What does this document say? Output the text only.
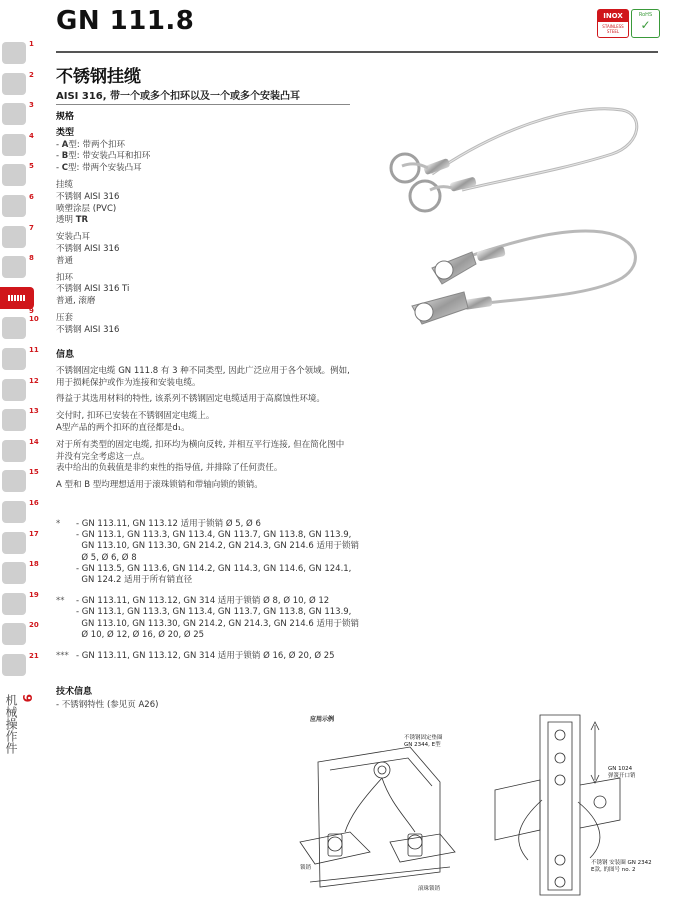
1
2
3
4
5
6
7
8
9
10
11
12
13
14
15
16
17
18
19
20
21
9
机械操作件
GN 111.8	INOX
STAINLESS STEEL
RoHS
✓
不锈钢挂缆
AISI 316, 带一个或多个扣环以及一个或多个安装凸耳
规格
类型
- A型: 带两个扣环
- B型: 带安装凸耳和扣环
- C型: 带两个安装凸耳
挂缆
不锈钢 AISI 316
喷塑涂层 (PVC)
透明 TR
安装凸耳
不锈钢 AISI 316
普通
扣环
不锈钢 AISI 316 Ti
普通, 滚磨
压套
不锈钢 AISI 316
信息
不锈钢固定电缆 GN 111.8 有 3 种不同类型, 因此广泛应用于各个领域。例如, 用于损耗保护或作为连接和安装电缆。
得益于其选用材料的特性, 该系列不锈钢固定电缆适用于高腐蚀性环境。
交付时, 扣环已安装在不锈钢固定电缆上。
A型产品的两个扣环的直径都是d₁。
对于所有类型的固定电缆, 扣环均为横向反转, 并相互平行连接, 但在简化图中并没有完全考虑这一点。
表中给出的负载值是非约束性的指导值, 并排除了任何责任。
A 型和 B 型均理想适用于滚珠锁销和带轴向锁的锁销。
*	- GN 113.11, GN 113.12 适用于锁销 Ø 5, Ø 6
- GN 113.1, GN 113.3, GN 113.4, GN 113.7, GN 113.8, GN 113.9,
GN 113.10, GN 113.30, GN 214.2, GN 214.3, GN 214.6 适用于锁销
Ø 5, Ø 6, Ø 8
- GN 113.5, GN 113.6, GN 114.2, GN 114.3, GN 114.6, GN 124.1,
GN 124.2 适用于所有销直径
**	- GN 113.11, GN 113.12, GN 314 适用于锁销 Ø 8, Ø 10, Ø 12
- GN 113.1, GN 113.3, GN 113.4, GN 113.7, GN 113.8, GN 113.9,
GN 113.10, GN 113.30, GN 214.2, GN 214.3, GN 214.6 适用于锁销
Ø 10, Ø 12, Ø 16, Ø 20, Ø 25
*** - GN 113.11, GN 113.12, GN 314 适用于锁销 Ø 16, Ø 20, Ø 25
技术信息
- 不锈钢特性 (参见页 A26)
应用示例
不锈钢固定垫圈
GN 2344, E型
锁销
滚珠锁销
GN 1024
弹簧开口销
不锈钢 安装圈 GN 2342
E款, 的图号 no. 2
